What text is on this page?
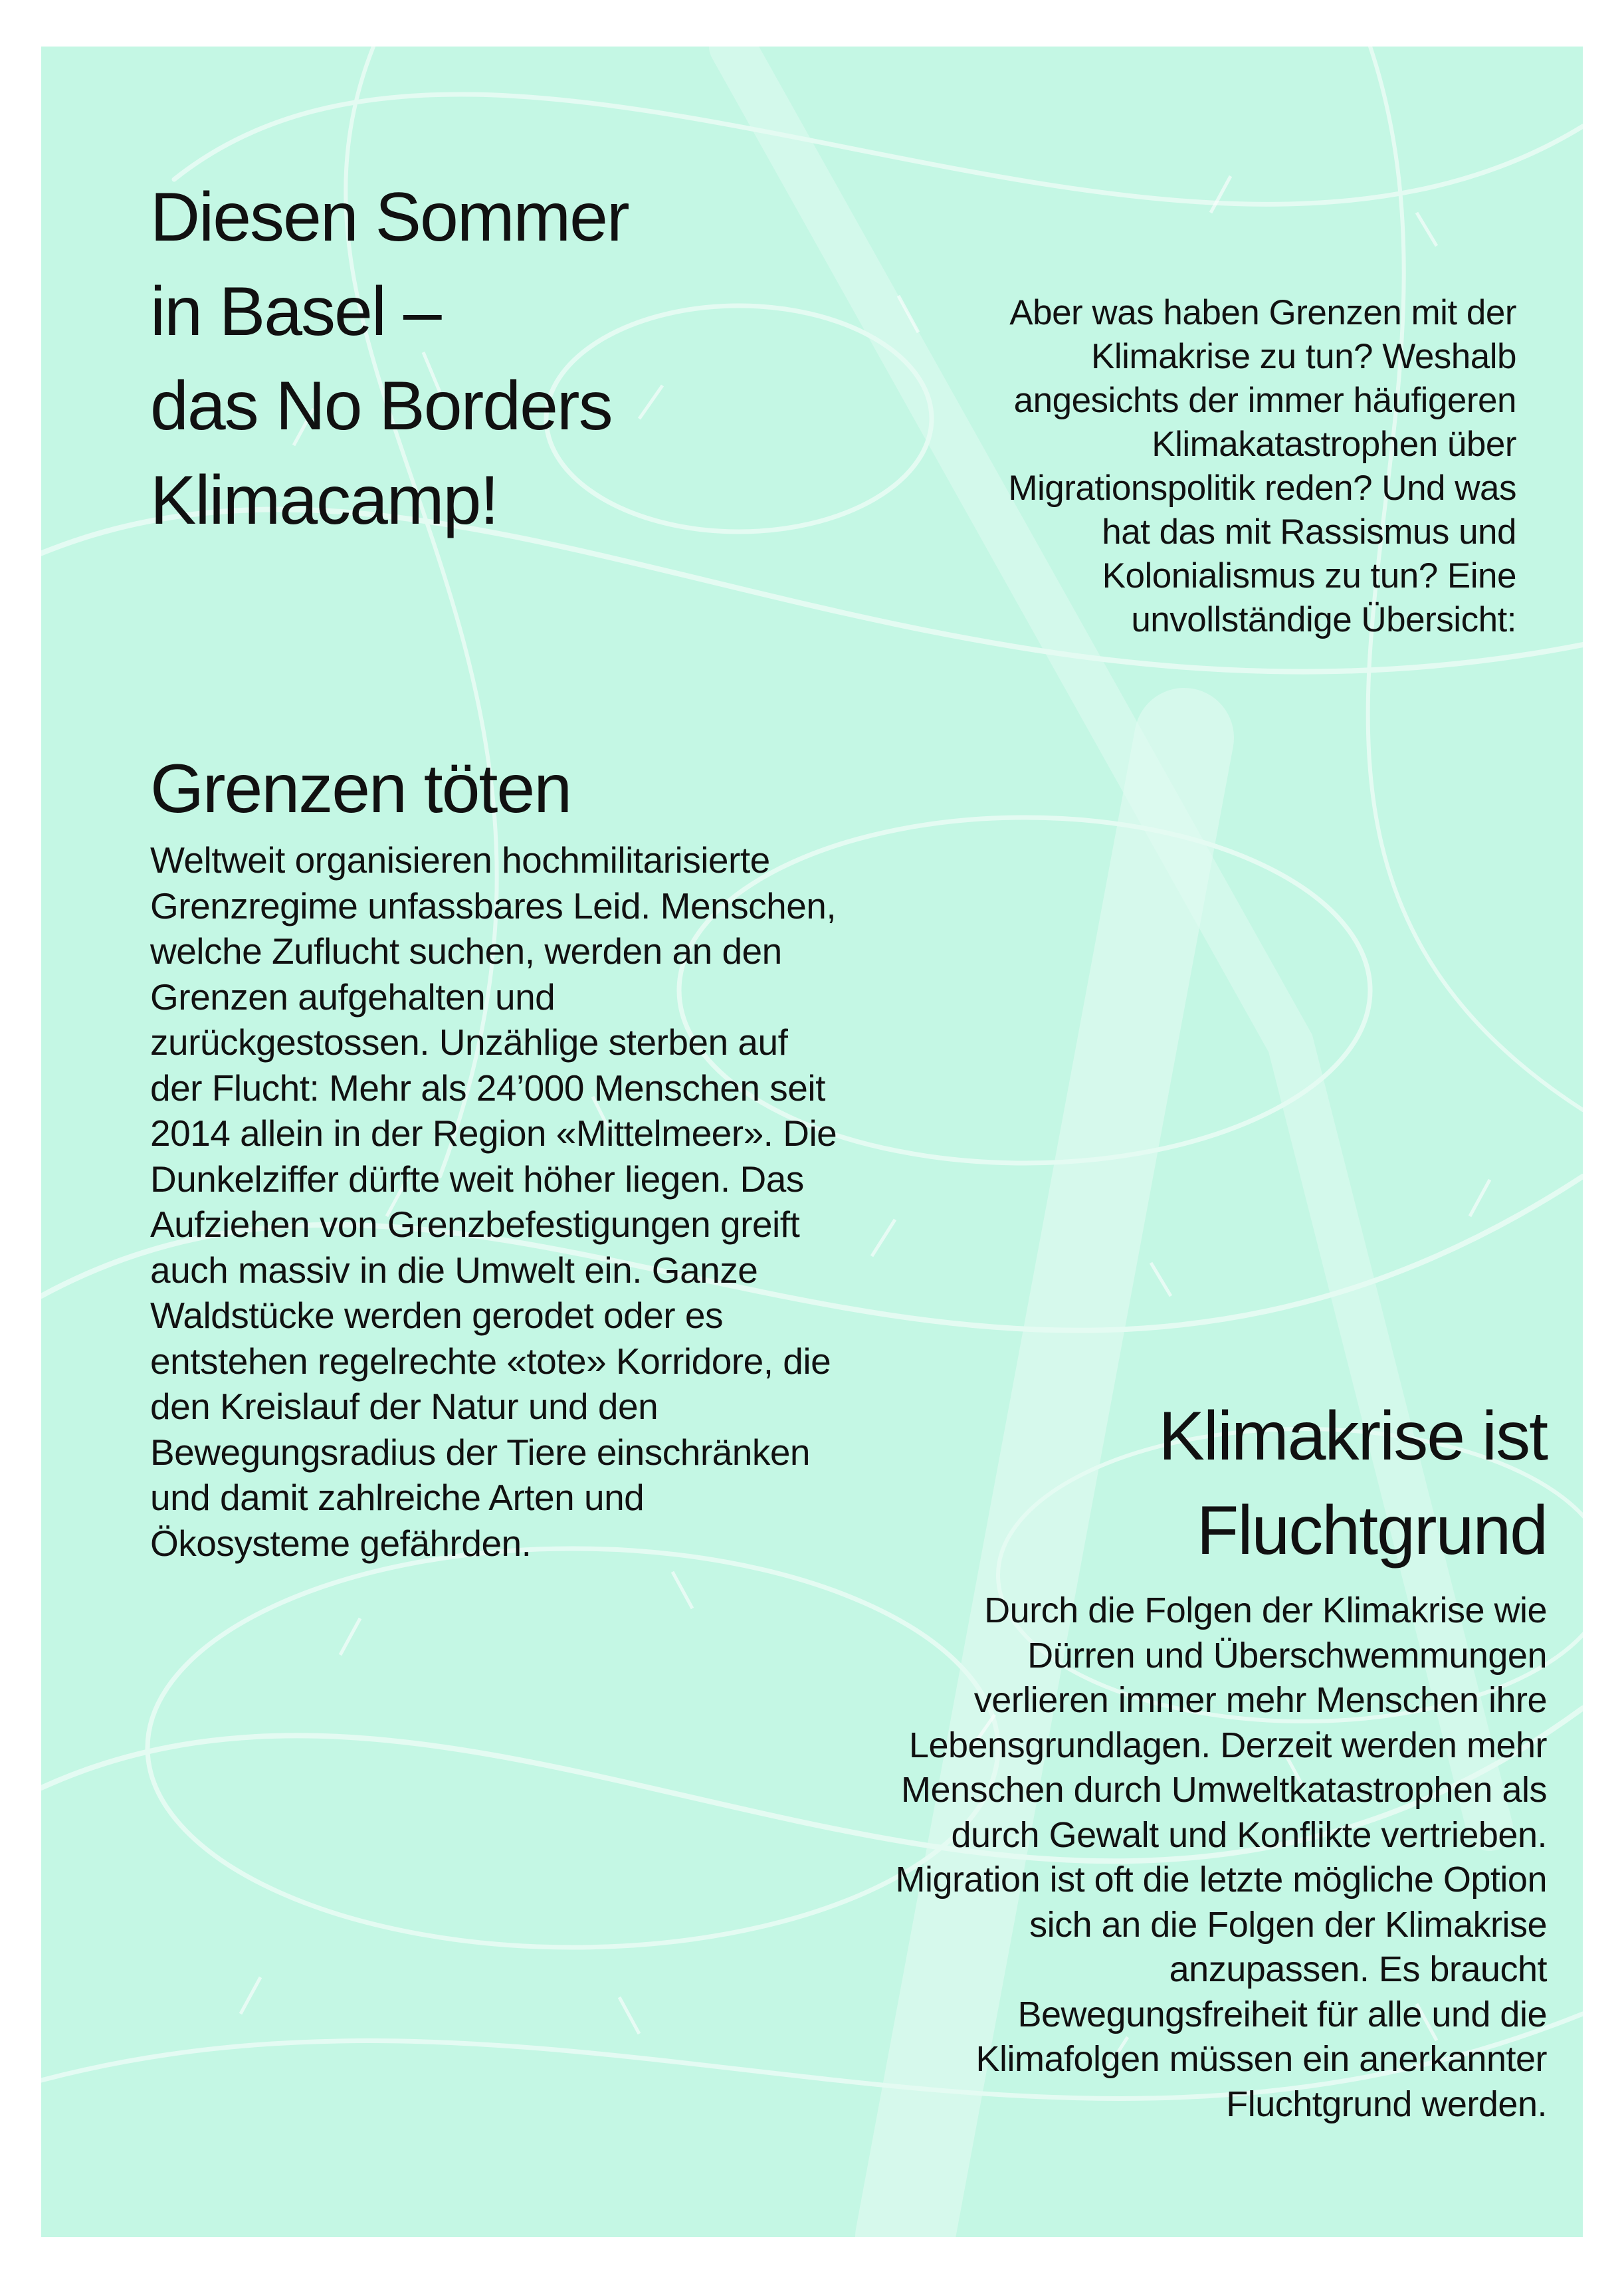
Diesen Sommer
in Basel –
das No Borders
Klimacamp!

Aber was haben Grenzen mit der
Klimakrise zu tun? Weshalb
angesichts der immer häufigeren
Klimakatastrophen über
Migrationspolitik reden? Und was
hat das mit Rassismus und
Kolonialismus zu tun? Eine
unvollständige Übersicht:

Grenzen töten

Weltweit organisieren hochmilitarisierte
Grenzregime unfassbares Leid. Menschen,
welche Zuflucht suchen, werden an den
Grenzen aufgehalten und
zurückgestossen. Unzählige sterben auf
der Flucht: Mehr als 24’000 Menschen seit
2014 allein in der Region «Mittelmeer». Die
Dunkelziffer dürfte weit höher liegen. Das
Aufziehen von Grenzbefestigungen greift
auch massiv in die Umwelt ein. Ganze
Waldstücke werden gerodet oder es
entstehen regelrechte «tote» Korridore, die
den Kreislauf der Natur und den
Bewegungsradius der Tiere einschränken
und damit zahlreiche Arten und
Ökosysteme gefährden.

Klimakrise ist
Fluchtgrund

Durch die Folgen der Klimakrise wie
Dürren und Überschwemmungen
verlieren immer mehr Menschen ihre
Lebensgrundlagen. Derzeit werden mehr
Menschen durch Umweltkatastrophen als
durch Gewalt und Konflikte vertrieben.
Migration ist oft die letzte mögliche Option
sich an die Folgen der Klimakrise
anzupassen. Es braucht
Bewegungsfreiheit für alle und die
Klimafolgen müssen ein anerkannter
Fluchtgrund werden.
